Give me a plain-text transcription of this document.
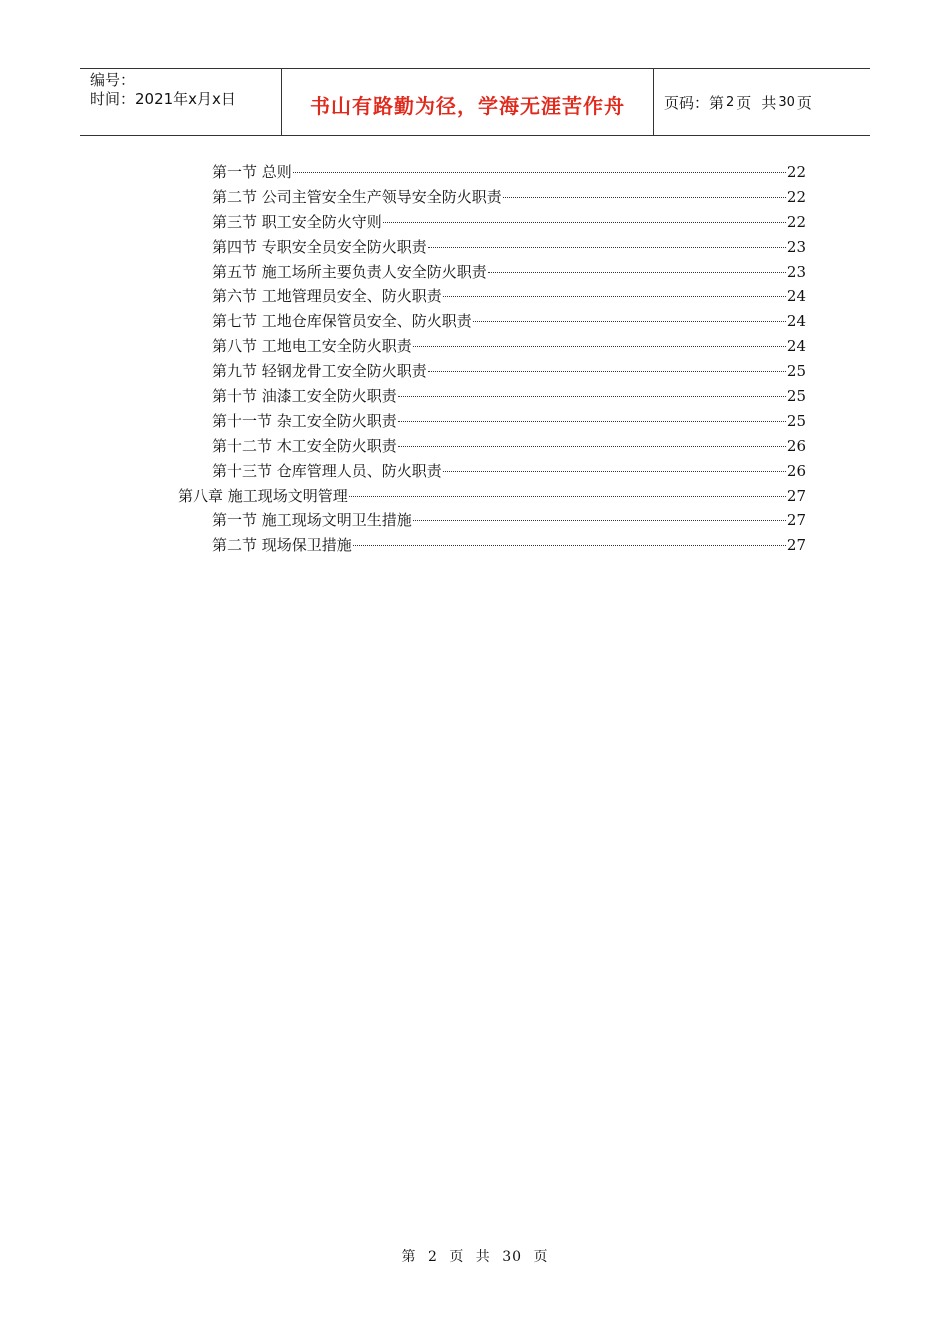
编号：
时间：2021年x月x日	书山有路勤为径，学海无涯苦作舟	页码：第 2 页 共 30 页
第一节 总则	22
第二节 公司主管安全生产领导安全防火职责	22
第三节 职工安全防火守则	22
第四节 专职安全员安全防火职责	23
第五节 施工场所主要负责人安全防火职责	23
第六节 工地管理员安全、防火职责	24
第七节 工地仓库保管员安全、防火职责	24
第八节 工地电工安全防火职责	24
第九节 轻钢龙骨工安全防火职责	25
第十节 油漆工安全防火职责	25
第十一节 杂工安全防火职责	25
第十二节 木工安全防火职责	26
第十三节 仓库管理人员、防火职责	26
第八章 施工现场文明管理	27
第一节 施工现场文明卫生措施	27
第二节 现场保卫措施	27
第 2 页 共 30 页
